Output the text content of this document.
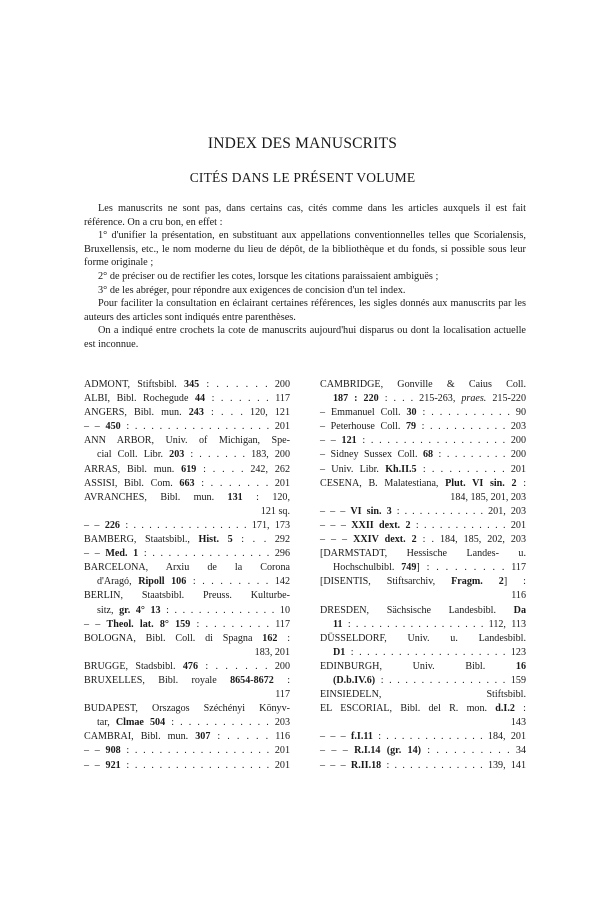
INDEX DES MANUSCRITS
CITÉS DANS LE PRÉSENT VOLUME

Les manuscrits ne sont pas, dans certains cas, cités comme dans les articles auxquels il est fait référence. On a cru bon, en effet :

1° d'unifier la présentation, en substituant aux appellations conventionnelles telles que Scorialensis, Bruxellensis, etc., le nom moderne du lieu de dépôt, de la bibliothèque et du fonds, si possible sous leur forme originale ;

2° de préciser ou de rectifier les cotes, lorsque les citations paraissaient ambiguës ;

3° de les abréger, pour répondre aux exigences de concision d'un tel index.

Pour faciliter la consultation en éclairant certaines références, les sigles donnés aux manuscrits par les auteurs des articles sont indiqués entre parenthèses.

On a indiqué entre crochets la cote de manuscrits aujourd'hui disparus ou dont la localisation actuelle est inconnue.

ADMONT, Stiftsbibl. 345 : . . . . . . 200
ALBI, Bibl. Rochegude 44 : . . . . . . 117
ANGERS, Bibl. mun. 243 : . . . 120, 121
– – 450 : . . . . . . . . . . . . . . . . . 201
ANN ARBOR, Univ. of Michigan, Spe-
cial Coll. Libr. 203 : . . . . . . 183, 200
ARRAS, Bibl. mun. 619 : . . . . 242, 262
ASSISI, Bibl. Com. 663 : . . . . . . . 201
AVRANCHES, Bibl. mun. 131 : 120,
121 sq.
– – 226 : . . . . . . . . . . . . . . . 171, 173
BAMBERG, Staatsbibl., Hist. 5 : . . 292
– – Med. 1 : . . . . . . . . . . . . . . . 296
BARCELONA, Arxiu de la Corona
d'Aragó, Ripoll 106 : . . . . . . . . 142
BERLIN, Staatsbibl. Preuss. Kulturbe-
sitz, gr. 4° 13 : . . . . . . . . . . . . . 10
– – Theol. lat. 8° 159 : . . . . . . . . 117
BOLOGNA, Bibl. Coll. di Spagna 162 :
183, 201
BRUGGE, Stadsbibl. 476 : . . . . . . 200
BRUXELLES, Bibl. royale 8654-8672 :
117
BUDAPEST, Orszagos Széchényi Könyv-
tar, Clmae 504 : . . . . . . . . . . . 203
CAMBRAI, Bibl. mun. 307 : . . . . . 116
– – 908 : . . . . . . . . . . . . . . . . . 201
– – 921 : . . . . . . . . . . . . . . . . . 201
CAMBRIDGE, Gonville & Caius Coll.
187 : 220 : . . . 215-263, praes. 215-220
– Emmanuel Coll. 30 : . . . . . . . . . . 90
– Peterhouse Coll. 79 : . . . . . . . . . . 203
– – 121 : . . . . . . . . . . . . . . . . . 200
– Sidney Sussex Coll. 68 : . . . . . . . . 200
– Univ. Libr. Kh.II.5 : . . . . . . . . . 201
CESENA, B. Malatestiana, Plut. VI sin. 2 :
184, 185, 201, 203
– – – VI sin. 3 : . . . . . . . . . . . 201, 203
– – – XXII dext. 2 : . . . . . . . . . . . 201
– – – XXIV dext. 2 : . 184, 185, 202, 203
[DARMSTADT, Hessische Landes- u.
Hochschulbibl. 749] : . . . . . . . . 117
[DISENTIS, Stiftsarchiv, Fragm. 2] :
116
DRESDEN, Sächsische Landesbibl. Da
11 : . . . . . . . . . . . . . . . . . 112, 113
DÜSSELDORF, Univ. u. Landesbibl.
D1 : . . . . . . . . . . . . . . . . . . . 123
EDINBURGH, Univ. Bibl. 16
(D.b.IV.6) : . . . . . . . . . . . . . . . 159
EINSIEDELN, Stiftsbibl.
EL ESCORIAL, Bibl. del R. mon. d.I.2 :
143
– – – f.I.11 : . . . . . . . . . . . . . 184, 201
– – – R.I.14 (gr. 14) : . . . . . . . . . 34
– – – R.II.18 : . . . . . . . . . . . . 139, 141
